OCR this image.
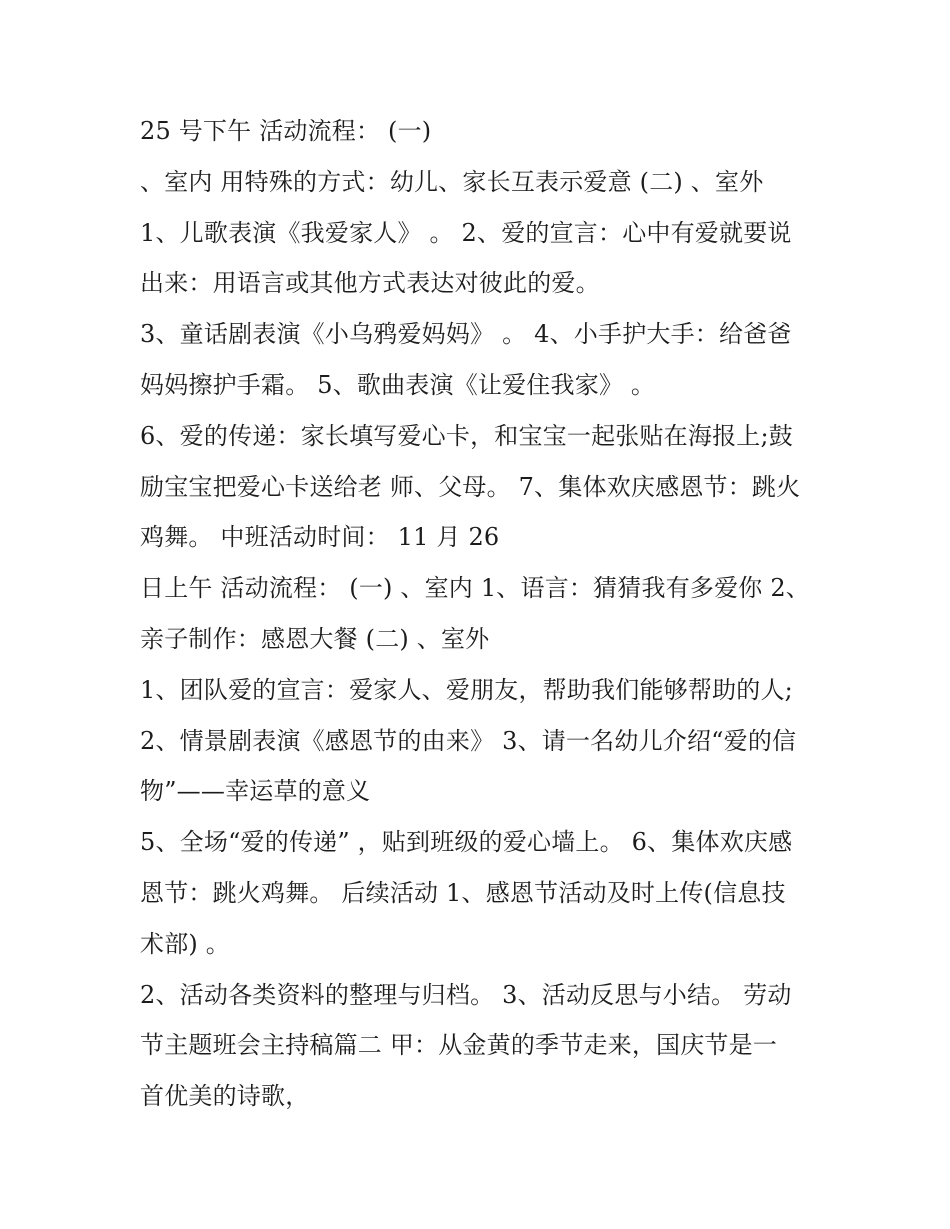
25 号下午 活动流程： (一)
、室内 用特殊的方式：幼儿、家长互表示爱意 (二) 、室外
1、儿歌表演《我爱家人》 。 2、爱的宣言：心中有爱就要说
出来：用语言或其他方式表达对彼此的爱。
3、童话剧表演《小乌鸦爱妈妈》 。 4、小手护大手：给爸爸
妈妈擦护手霜。 5、歌曲表演《让爱住我家》 。
6、爱的传递：家长填写爱心卡，和宝宝一起张贴在海报上;鼓
励宝宝把爱心卡送给老 师、父母。 7、集体欢庆感恩节：跳火
鸡舞。 中班活动时间： 11 月 26
日上午 活动流程： (一) 、室内 1、语言：猜猜我有多爱你 2、
亲子制作：感恩大餐 (二) 、室外
1、团队爱的宣言：爱家人、爱朋友，帮助我们能够帮助的人;
2、情景剧表演《感恩节的由来》 3、请一名幼儿介绍“爱的信
物”——幸运草的意义
5、全场“爱的传递” ，贴到班级的爱心墙上。 6、集体欢庆感
恩节：跳火鸡舞。 后续活动 1、感恩节活动及时上传(信息技
术部) 。
2、活动各类资料的整理与归档。 3、活动反思与小结。 劳动
节主题班会主持稿篇二 甲：从金黄的季节走来，国庆节是一
首优美的诗歌，
